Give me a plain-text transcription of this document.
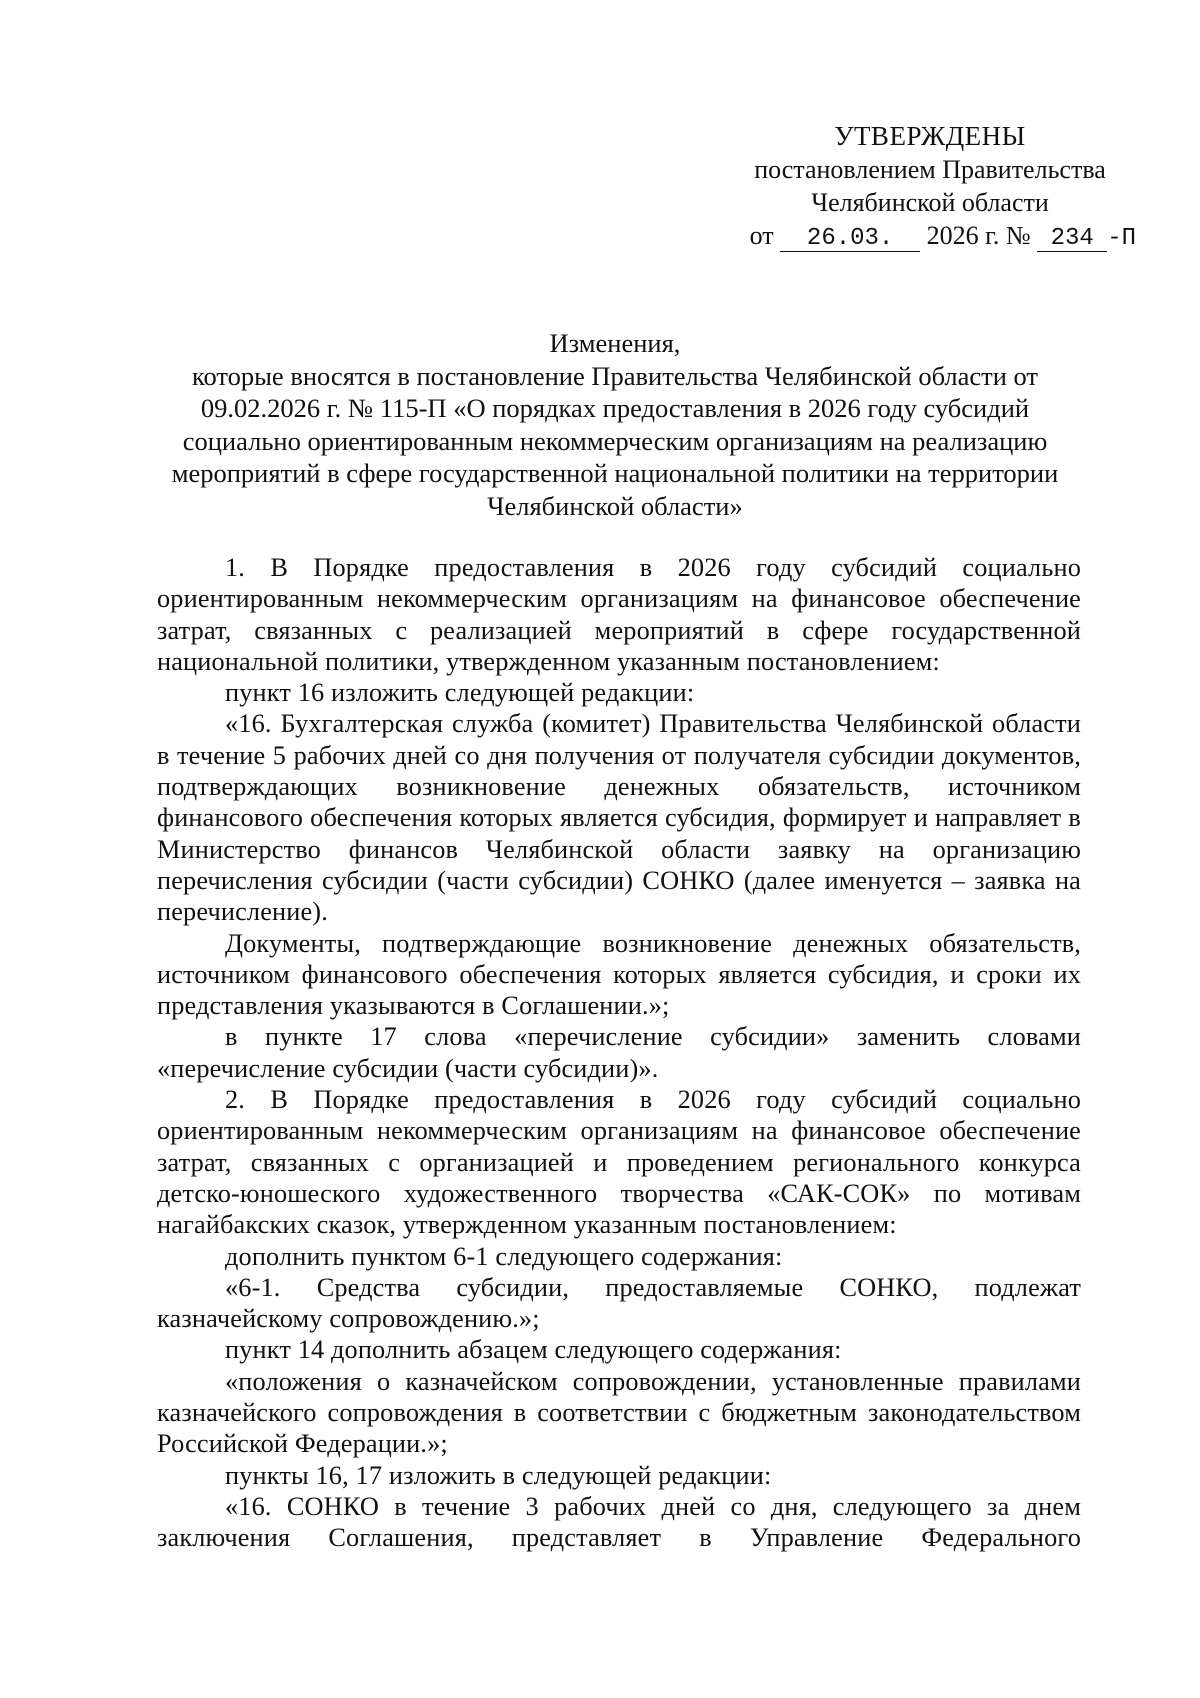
УТВЕРЖДЕНЫ
постановлением Правительства
Челябинской области
от 26.03. 2026 г. № 234 -П
Изменения,
которые вносятся в постановление Правительства Челябинской области от 09.02.2026 г. № 115-П «О порядках предоставления в 2026 году субсидий социально ориентированным некоммерческим организациям на реализацию мероприятий в сфере государственной национальной политики на территории Челябинской области»

1. В Порядке предоставления в 2026 году субсидий социально ориентированным некоммерческим организациям на финансовое обеспечение затрат, связанных с реализацией мероприятий в сфере государственной национальной политики, утвержденном указанным постановлением:

пункт 16 изложить следующей редакции:

«16. Бухгалтерская служба (комитет) Правительства Челябинской области в течение 5 рабочих дней со дня получения от получателя субсидии документов, подтверждающих возникновение денежных обязательств, источником финансового обеспечения которых является субсидия, формирует и направляет в Министерство финансов Челябинской области заявку на организацию перечисления субсидии (части субсидии) СОНКО (далее именуется – заявка на перечисление).

Документы, подтверждающие возникновение денежных обязательств, источником финансового обеспечения которых является субсидия, и сроки их представления указываются в Соглашении.»;

в пункте 17 слова «перечисление субсидии» заменить словами «перечисление субсидии (части субсидии)».

2. В Порядке предоставления в 2026 году субсидий социально ориентированным некоммерческим организациям на финансовое обеспечение затрат, связанных с организацией и проведением регионального конкурса детско-юношеского художественного творчества «САК-СОК» по мотивам нагайбакских сказок, утвержденном указанным постановлением:

дополнить пунктом 6-1 следующего содержания:

«6-1. Средства субсидии, предоставляемые СОНКО, подлежат казначейскому сопровождению.»;

пункт 14 дополнить абзацем следующего содержания:

«положения о казначейском сопровождении, установленные правилами казначейского сопровождения в соответствии с бюджетным законодательством Российской Федерации.»;

пункты 16, 17 изложить в следующей редакции:

«16. СОНКО в течение 3 рабочих дней со дня, следующего за днем заключения Соглашения, представляет в Управление Федерального
